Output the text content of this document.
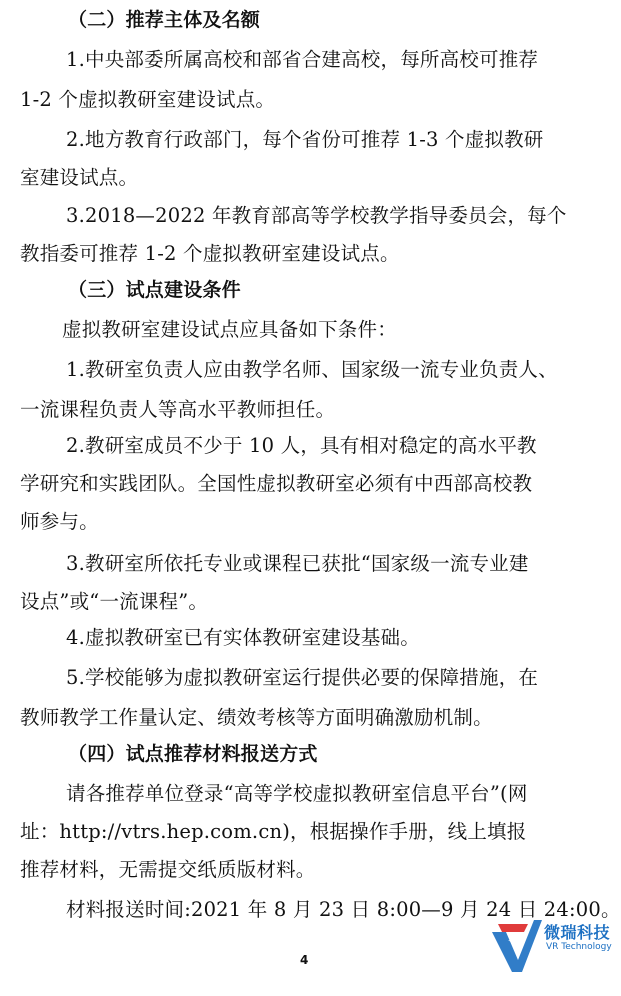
（二）推荐主体及名额
1.中央部委所属高校和部省合建高校，每所高校可推荐
1-2 个虚拟教研室建设试点。
2.地方教育行政部门，每个省份可推荐 1-3 个虚拟教研
室建设试点。
3.2018—2022 年教育部高等学校教学指导委员会，每个
教指委可推荐 1-2 个虚拟教研室建设试点。
（三）试点建设条件
虚拟教研室建设试点应具备如下条件：
1.教研室负责人应由教学名师、国家级一流专业负责人、
一流课程负责人等高水平教师担任。
2.教研室成员不少于 10 人，具有相对稳定的高水平教
学研究和实践团队。全国性虚拟教研室必须有中西部高校教
师参与。
3.教研室所依托专业或课程已获批“国家级一流专业建
设点”或“一流课程”。
4.虚拟教研室已有实体教研室建设基础。
5.学校能够为虚拟教研室运行提供必要的保障措施，在
教师教学工作量认定、绩效考核等方面明确激励机制。
（四）试点推荐材料报送方式
请各推荐单位登录“高等学校虚拟教研室信息平台”(网
址：http://vtrs.hep.com.cn)，根据操作手册，线上填报
推荐材料，无需提交纸质版材料。
材料报送时间:2021 年 8 月 23 日 8:00—9 月 24 日 24:00。
4
微瑞科技
VR Technology
